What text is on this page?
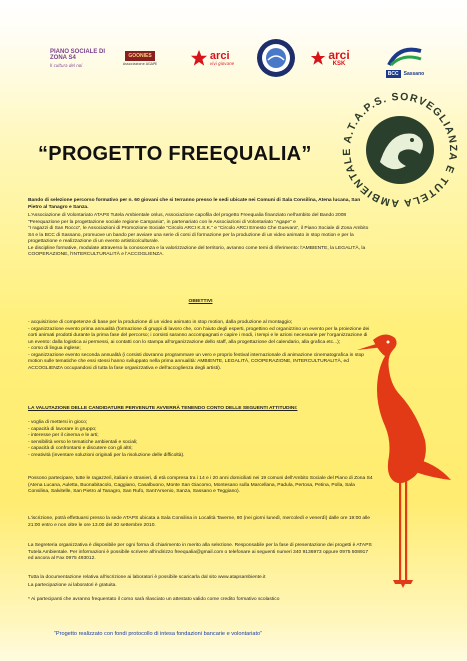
PIANO SOCIALE DI ZONA S4
Il cultura del noi
GOONIES
Associazione AGAPE
arci
vivi giovane
arci
KSK
BCC	Sassano
A.T.A.P.S. SORVEGLIANZA E TUTELA AMBIENTALE
“PROGETTO FREEQUALIA”

Bando di selezione percorso formativo per n. 60 giovani che si terranno presso le sedi ubicate nei Comuni di Sala Consilina, Atena lucana, San Pietro al Tanagro e Sanza.

L'Associazione di Volontariato ATAPS Tutela Ambientale onlus, Associazione capofila del progetto Freequalia finanziato nell'ambito del Bando 2008 “Perequazione per la progettazione sociale regione Campania”, in partenariato con le Associazioni di Volontariato “Agape” e

“I ragazzi di San Rocco”, le Associazioni di Promozione Sociale “Circolo ARCI K.S.K.” e “Circolo ARCI Ernesto Che Guevara”, il Piano Sociale di Zona Ambito S4 e la BCC di Sassano, promuove un bando per avviare una serie di corsi di formazione per la produzione di un video animato in stop motion e per la progettazione e realizzazione di un evento artistico/culturale.

Le discipline formative, modulate attraverso la conoscenza e la valorizzazione del territorio, avranno come temi di riferimento: l'AMBIENTE, la LEGALITÀ, la COOPERAZIONE, l'INTERCULTURALITÀ e l'ACCOGLIENZA.

OBIETTIVI

- acquisizione di competenze di base per la produzione di un video animato in stop motion, dalla produzione al montaggio;

- organizzazione evento prima annualità (formazione di gruppi di lavoro che, con l'aiuto degli esperti, progettino ed organizzino un evento per la proiezione dei corti animati prodotti durante la prima fase del percorso; i corsisti saranno accompagnati e capire i modi, i tempi e le azioni necessarie per l'organizzazione di un evento: dalla logistica ai permessi, ai contatti con lo stampa all'organizzazione dello staff, alla progettazione del calendario, alla grafica etc...);

- corso di lingua inglese;

- organizzazione evento seconda annualità (i corsisti dovranno programmare un vero e proprio festival internazionale di animazione cinematografica in stop motion sulle tematiche che essi stessi hanno sviluppato nella prima annualità: AMBIENTE, LEGALITÀ, COOPERAZIONE, INTERCULTURALITÀ, ed ACCOGLIENZA occupandosi di tutta la fase organizzativa e dell'accoglienza degli artisti).

LA VALUTAZIONE DELLE CANDIDATURE PERVENUTE AVVERRÀ TENENDO CONTO DELLE SEGUENTI ATTITUDINI:

- voglia di mettersi in gioco;

- capacità di lavorare in gruppo;

- interesse per il cinema e le arti;

- sensibilità verso le tematiche ambientali e sociali;

- capacità di confrontarsi e discutere con gli altri;

- creatività (inventare soluzioni originali per la risoluzione delle difficoltà).

Possono partecipare, tutte le ragazze/i, italiani e stranieri, di età compresa tra i 14 e i 20 anni domiciliati nei 19 comuni dell'Ambito Sociale del Piano di Zona S4 (Atena Lucana, Auletta, Buonabitacolo, Caggiano, Casalbuono, Monte San Giacomo, Montesano sulla Marcellana, Padula, Pertosa, Petina, Polla, Sala Consilina, Salvitelle, San Pietro al Tanagro, San Rufo, Sant'Arsenio, Sanza, Sassano e Teggiano).
L'iscrizione, potrà effettuarsi presso la sede ATAPS ubicata a Sala Consilina in Località Taverne, 80 (nei giorni lunedì, mercoledì e venerdì) dalle ore 19:00 alle 21:00 entro e non oltre le ore 13.00 del 30 settembre 2010.
La Segreteria organizzativa è disponibile per ogni forma di chiarimento in merito alla selezione. Responsabile per la fase di presentazione dei progetti è ATAPS Tutela Ambientale. Per informazioni è possibile scrivere all'indirizzo freequalia@gmail.com o telefonare ai seguenti numeri 340 9136973 oppure 0975 508917 ed ancora al Fax 0975 493012.
Tutta la documentazione relativa all'iscrizione ai laboratori è possibile scaricarla dal sito www.atapsambiente.it
La partecipazione ai laboratori è gratuita.
* Ai partecipanti che avranno frequentato il corso sarà rilasciato un attestato valido come credito formativo scolastico
“Progetto realizzato con fondi protocollo di intesa fondazioni bancarie e volontariato”
